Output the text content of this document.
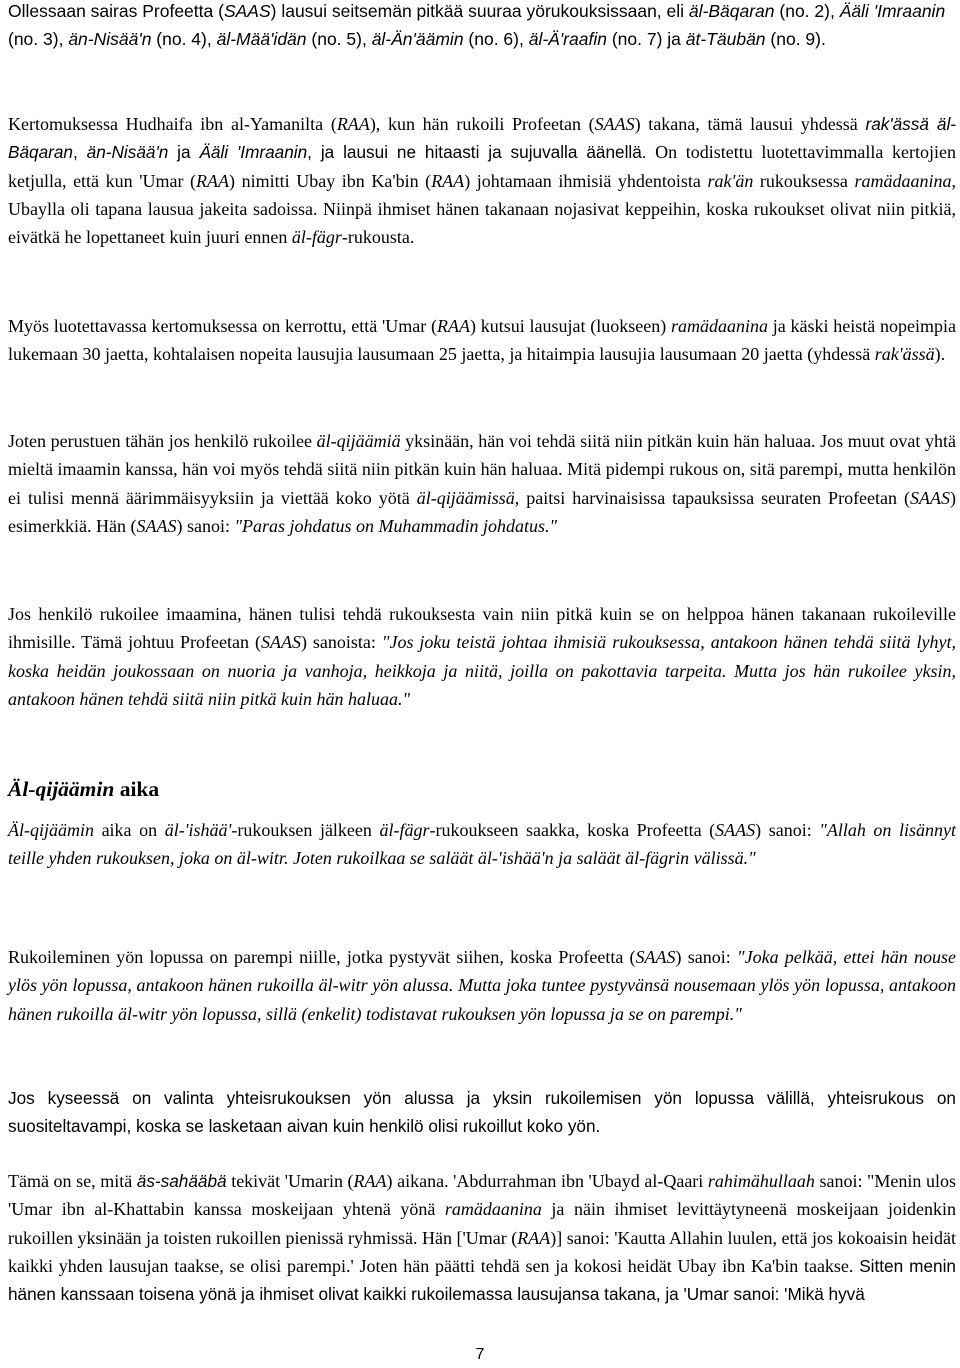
Ollessaan sairas Profeetta (SAAS) lausui seitsemän pitkää suuraa yörukouksissaan, eli äl-Bäqaran (no. 2), Ääli 'Imraanin (no. 3), än-Nisää'n (no. 4), äl-Mää'idän (no. 5), äl-Än'äämin (no. 6), äl-Ä'raafin (no. 7) ja ät-Täubän (no. 9).

Kertomuksessa Hudhaifa ibn al-Yamanilta (RAA), kun hän rukoili Profeetan (SAAS) takana, tämä lausui yhdessä rak'ässä äl-Bäqaran, än-Nisää'n ja Ääli 'Imraanin, ja lausui ne hitaasti ja sujuvalla äänellä. On todistettu luotettavimmalla kertojien ketjulla, että kun 'Umar (RAA) nimitti Ubay ibn Ka'bin (RAA) johtamaan ihmisiä yhdentoista rak'än rukouksessa ramädaanina, Ubaylla oli tapana lausua jakeita sadoissa. Niinpä ihmiset hänen takanaan nojasivat keppeihin, koska rukoukset olivat niin pitkiä, eivätkä he lopettaneet kuin juuri ennen äl-fägr-rukousta.

Myös luotettavassa kertomuksessa on kerrottu, että 'Umar (RAA) kutsui lausujat (luokseen) ramädaanina ja käski heistä nopeimpia lukemaan 30 jaetta, kohtalaisen nopeita lausujia lausumaan 25 jaetta, ja hitaimpia lausujia lausumaan 20 jaetta (yhdessä rak'ässä).

Joten perustuen tähän jos henkilö rukoilee äl-qijäämiä yksinään, hän voi tehdä siitä niin pitkän kuin hän haluaa. Jos muut ovat yhtä mieltä imaamin kanssa, hän voi myös tehdä siitä niin pitkän kuin hän haluaa. Mitä pidempi rukous on, sitä parempi, mutta henkilön ei tulisi mennä äärimmäisyyksiin ja viettää koko yötä äl-qijäämissä, paitsi harvinaisissa tapauksissa seuraten Profeetan (SAAS) esimerkkiä. Hän (SAAS) sanoi: "Paras johdatus on Muhammadin johdatus."

Jos henkilö rukoilee imaamina, hänen tulisi tehdä rukouksesta vain niin pitkä kuin se on helppoa hänen takanaan rukoileville ihmisille. Tämä johtuu Profeetan (SAAS) sanoista: "Jos joku teistä johtaa ihmisiä rukouksessa, antakoon hänen tehdä siitä lyhyt, koska heidän joukossaan on nuoria ja vanhoja, heikkoja ja niitä, joilla on pakottavia tarpeita. Mutta jos hän rukoilee yksin, antakoon hänen tehdä siitä niin pitkä kuin hän haluaa."

Äl-qijäämin aika on äl-'ishää'-rukouksen jälkeen äl-fägr-rukoukseen saakka, koska Profeetta (SAAS) sanoi: "Allah on lisännyt teille yhden rukouksen, joka on äl-witr. Joten rukoilkaa se saläät äl-'ishää'n ja saläät äl-fägrin välissä."

Rukoileminen yön lopussa on parempi niille, jotka pystyvät siihen, koska Profeetta (SAAS) sanoi: "Joka pelkää, ettei hän nouse ylös yön lopussa, antakoon hänen rukoilla äl-witr yön alussa. Mutta joka tuntee pystyvänsä nousemaan ylös yön lopussa, antakoon hänen rukoilla äl-witr yön lopussa, sillä (enkelit) todistavat rukouksen yön lopussa ja se on parempi."

Jos kyseessä on valinta yhteisrukouksen yön alussa ja yksin rukoilemisen yön lopussa välillä, yhteisrukous on suositeltavampi, koska se lasketaan aivan kuin henkilö olisi rukoillut koko yön.

Tämä on se, mitä äs-sahääbä tekivät 'Umarin (RAA) aikana. 'Abdurrahman ibn 'Ubayd al-Qaari rahimähullaah sanoi: "Menin ulos 'Umar ibn al-Khattabin kanssa moskeijaan yhtenä yönä ramädaanina ja näin ihmiset levittäytyneenä moskeijaan joidenkin rukoillen yksinään ja toisten rukoillen pienissä ryhmissä. Hän ['Umar (RAA)] sanoi: 'Kautta Allahin luulen, että jos kokoaisin heidät kaikki yhden lausujan taakse, se olisi parempi.' Joten hän päätti tehdä sen ja kokosi heidät Ubay ibn Ka'bin taakse. Sitten menin hänen kanssaan toisena yönä ja ihmiset olivat kaikki rukoilemassa lausujansa takana, ja 'Umar sanoi: 'Mikä hyvä

Äl-qijäämin aika
7
